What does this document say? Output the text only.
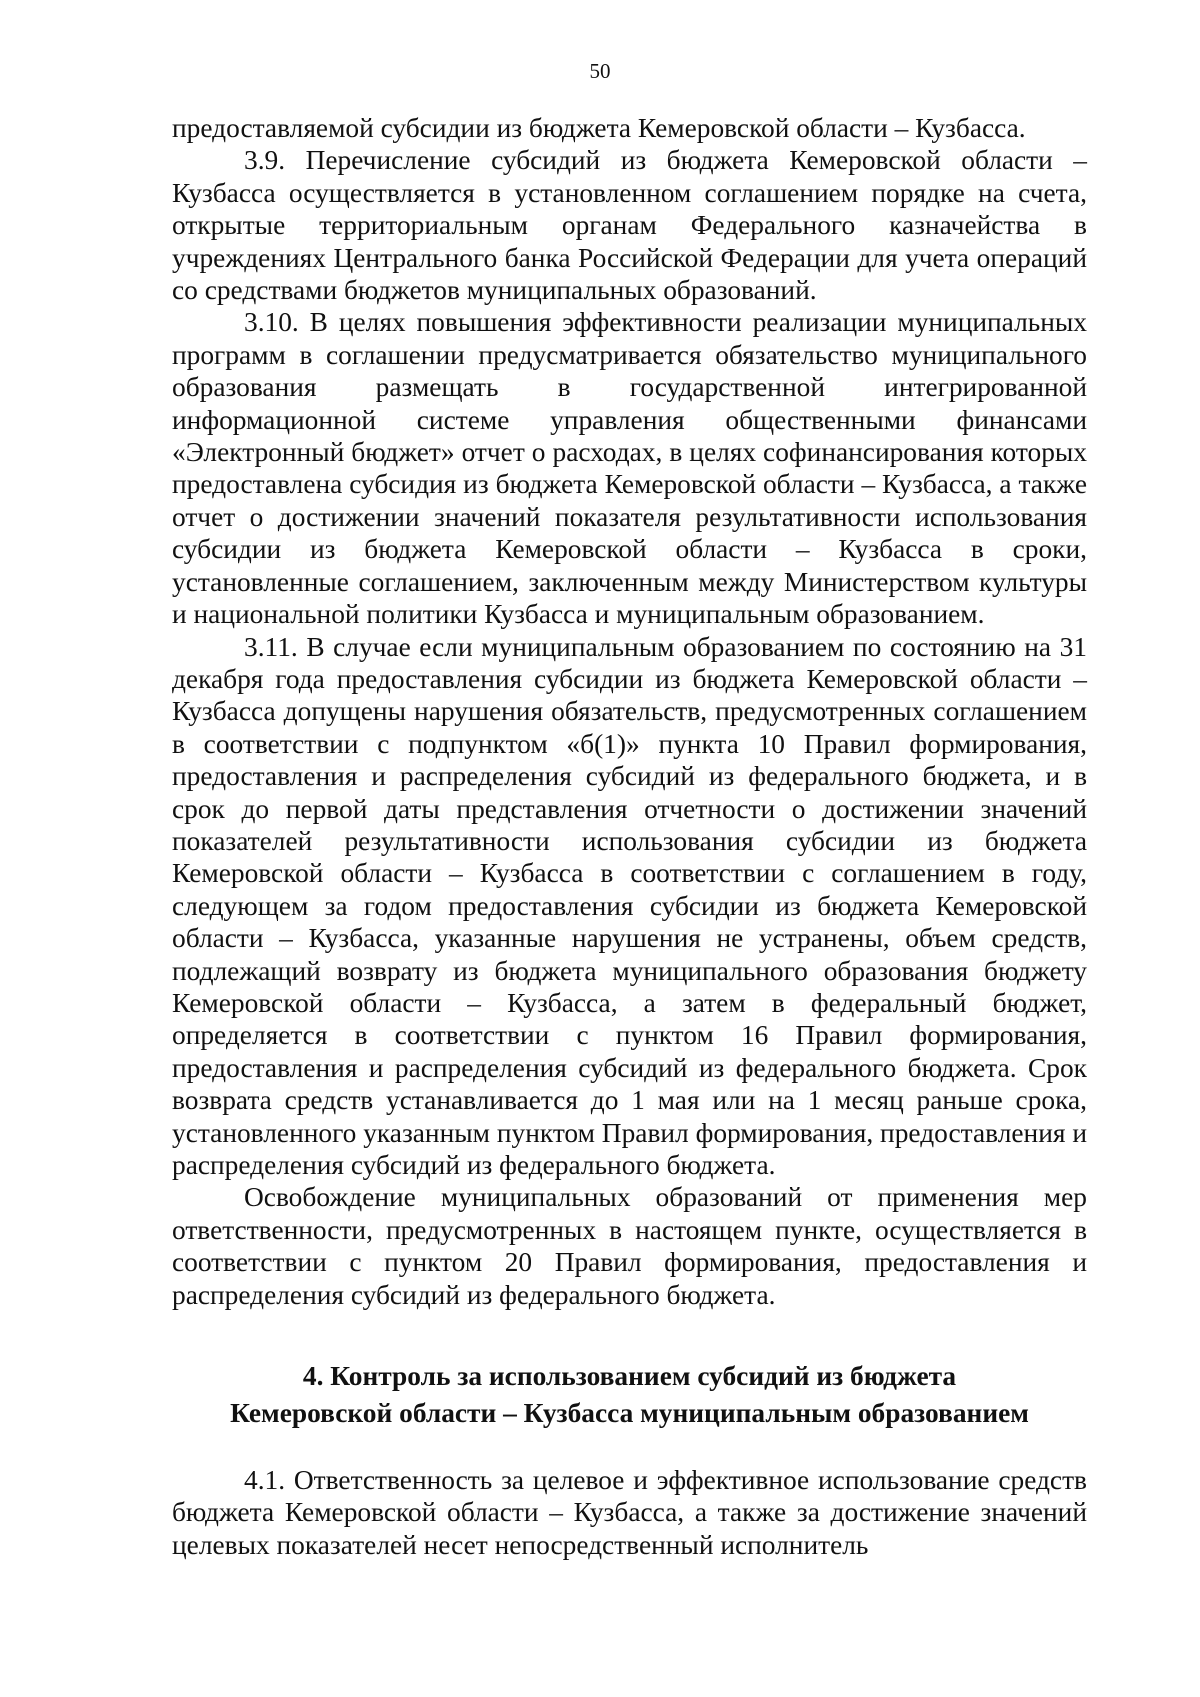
50

предоставляемой субсидии из бюджета Кемеровской области – Кузбасса.

3.9. Перечисление субсидий из бюджета Кемеровской области – Кузбасса осуществляется в установленном соглашением порядке на счета, открытые территориальным органам Федерального казначейства в учреждениях Центрального банка Российской Федерации для учета операций со средствами бюджетов муниципальных образований.

3.10. В целях повышения эффективности реализации муниципальных программ в соглашении предусматривается обязательство муниципального образования размещать в государственной интегрированной информационной системе управления общественными финансами «Электронный бюджет» отчет о расходах, в целях софинансирования которых предоставлена субсидия из бюджета Кемеровской области – Кузбасса, а также отчет о достижении значений показателя результативности использования субсидии из бюджета Кемеровской области – Кузбасса в сроки, установленные соглашением, заключенным между Министерством культуры и национальной политики Кузбасса и муниципальным образованием.

3.11. В случае если муниципальным образованием по состоянию на 31 декабря года предоставления субсидии из бюджета Кемеровской области – Кузбасса допущены нарушения обязательств, предусмотренных соглашением в соответствии с подпунктом «б(1)» пункта 10 Правил формирования, предоставления и распределения субсидий из федерального бюджета, и в срок до первой даты представления отчетности о достижении значений показателей результативности использования субсидии из бюджета Кемеровской области – Кузбасса в соответствии с соглашением в году, следующем за годом предоставления субсидии из бюджета Кемеровской области – Кузбасса, указанные нарушения не устранены, объем средств, подлежащий возврату из бюджета муниципального образования бюджету Кемеровской области – Кузбасса, а затем в федеральный бюджет, определяется в соответствии с пунктом 16 Правил формирования, предоставления и распределения субсидий из федерального бюджета. Срок возврата средств устанавливается до 1 мая или на 1 месяц раньше срока, установленного указанным пунктом Правил формирования, предоставления и распределения субсидий из федерального бюджета.

Освобождение муниципальных образований от применения мер ответственности, предусмотренных в настоящем пункте, осуществляется в соответствии с пунктом 20 Правил формирования, предоставления и распределения субсидий из федерального бюджета.

4. Контроль за использованием субсидий из бюджета
Кемеровской области – Кузбасса муниципальным образованием

4.1. Ответственность за целевое и эффективное использование средств бюджета Кемеровской области – Кузбасса, а также за достижение значений целевых показателей несет непосредственный исполнитель
